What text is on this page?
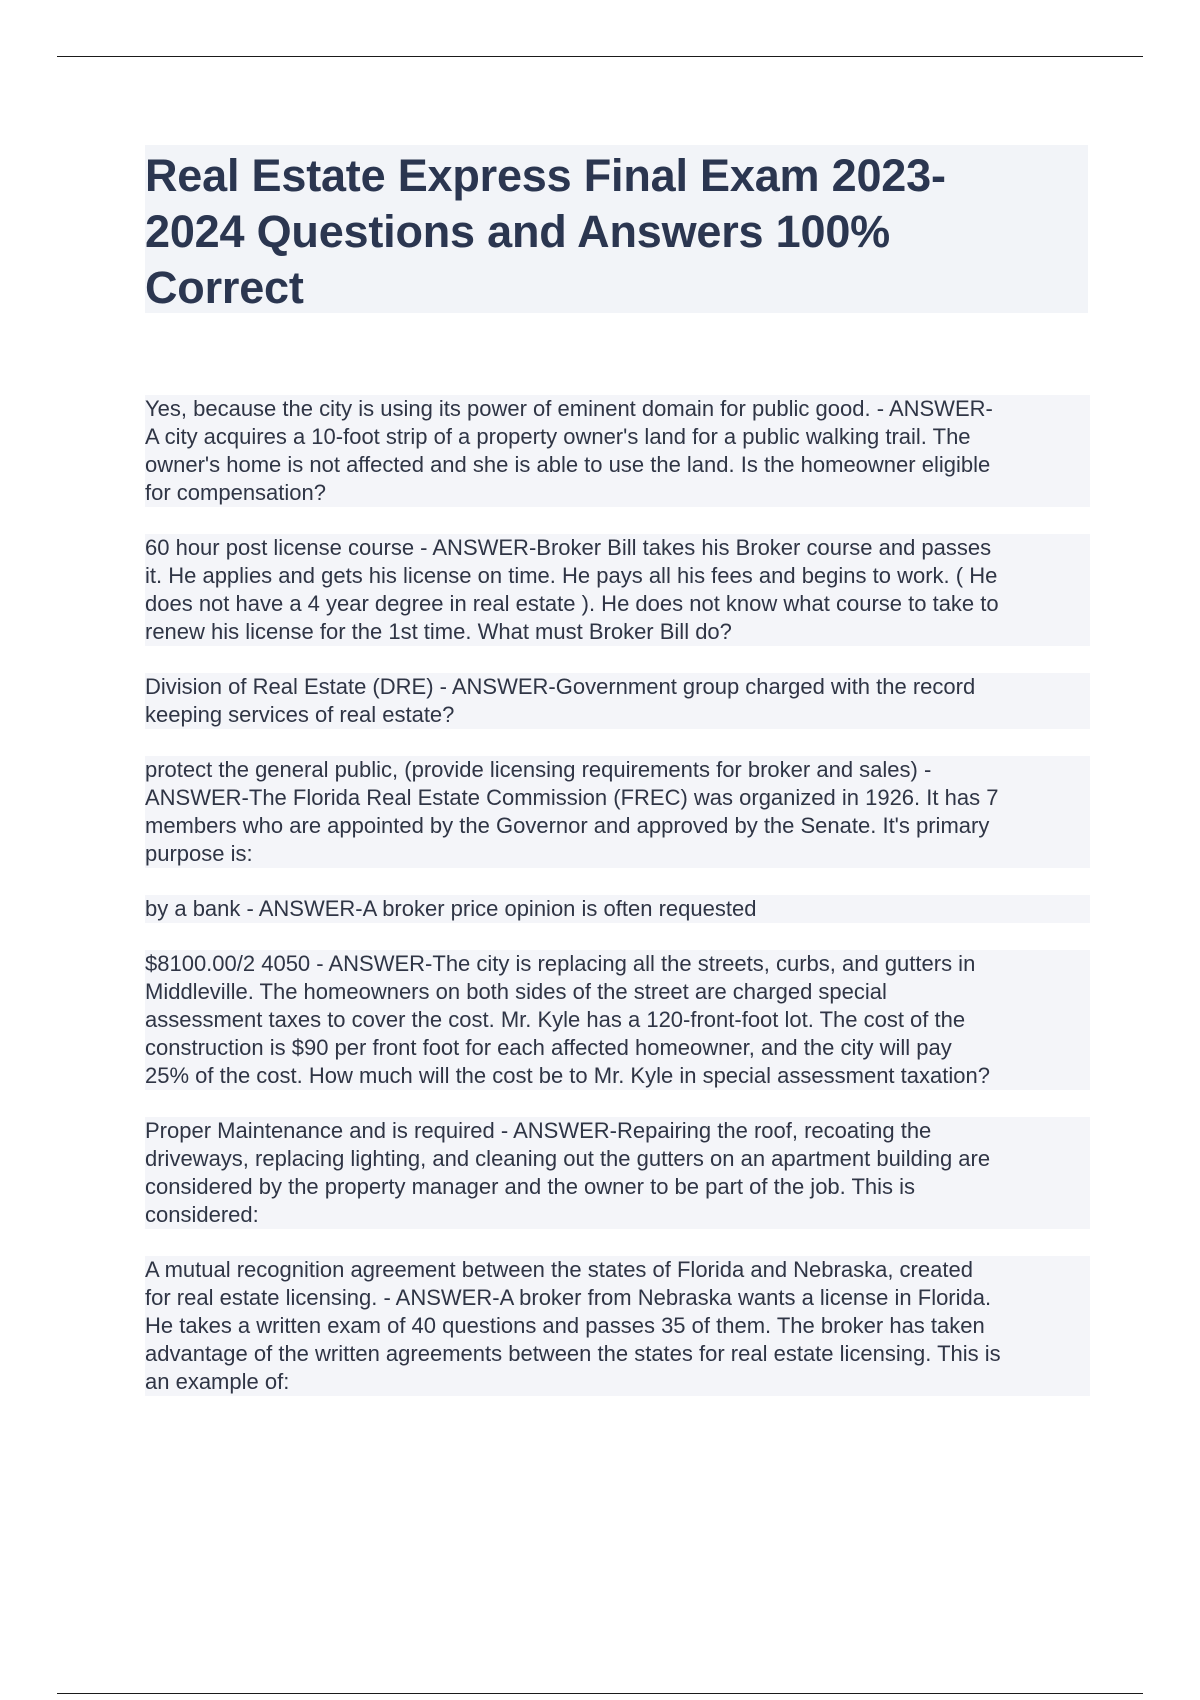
Real Estate Express Final Exam 2023-
2024 Questions and Answers 100%
Correct

Yes, because the city is using its power of eminent domain for public good. - ANSWER-
A city acquires a 10-foot strip of a property owner's land for a public walking trail. The
owner's home is not affected and she is able to use the land. Is the homeowner eligible
for compensation?

60 hour post license course - ANSWER-Broker Bill takes his Broker course and passes
it. He applies and gets his license on time. He pays all his fees and begins to work. ( He
does not have a 4 year degree in real estate ). He does not know what course to take to
renew his license for the 1st time. What must Broker Bill do?

Division of Real Estate (DRE) - ANSWER-Government group charged with the record
keeping services of real estate?

protect the general public, (provide licensing requirements for broker and sales) -
ANSWER-The Florida Real Estate Commission (FREC) was organized in 1926. It has 7
members who are appointed by the Governor and approved by the Senate. It's primary
purpose is:

by a bank - ANSWER-A broker price opinion is often requested

$8100.00/2 4050 - ANSWER-The city is replacing all the streets, curbs, and gutters in
Middleville. The homeowners on both sides of the street are charged special
assessment taxes to cover the cost. Mr. Kyle has a 120-front-foot lot. The cost of the
construction is $90 per front foot for each affected homeowner, and the city will pay
25% of the cost. How much will the cost be to Mr. Kyle in special assessment taxation?

Proper Maintenance and is required - ANSWER-Repairing the roof, recoating the
driveways, replacing lighting, and cleaning out the gutters on an apartment building are
considered by the property manager and the owner to be part of the job. This is
considered:

A mutual recognition agreement between the states of Florida and Nebraska, created
for real estate licensing. - ANSWER-A broker from Nebraska wants a license in Florida.
He takes a written exam of 40 questions and passes 35 of them. The broker has taken
advantage of the written agreements between the states for real estate licensing. This is
an example of:
